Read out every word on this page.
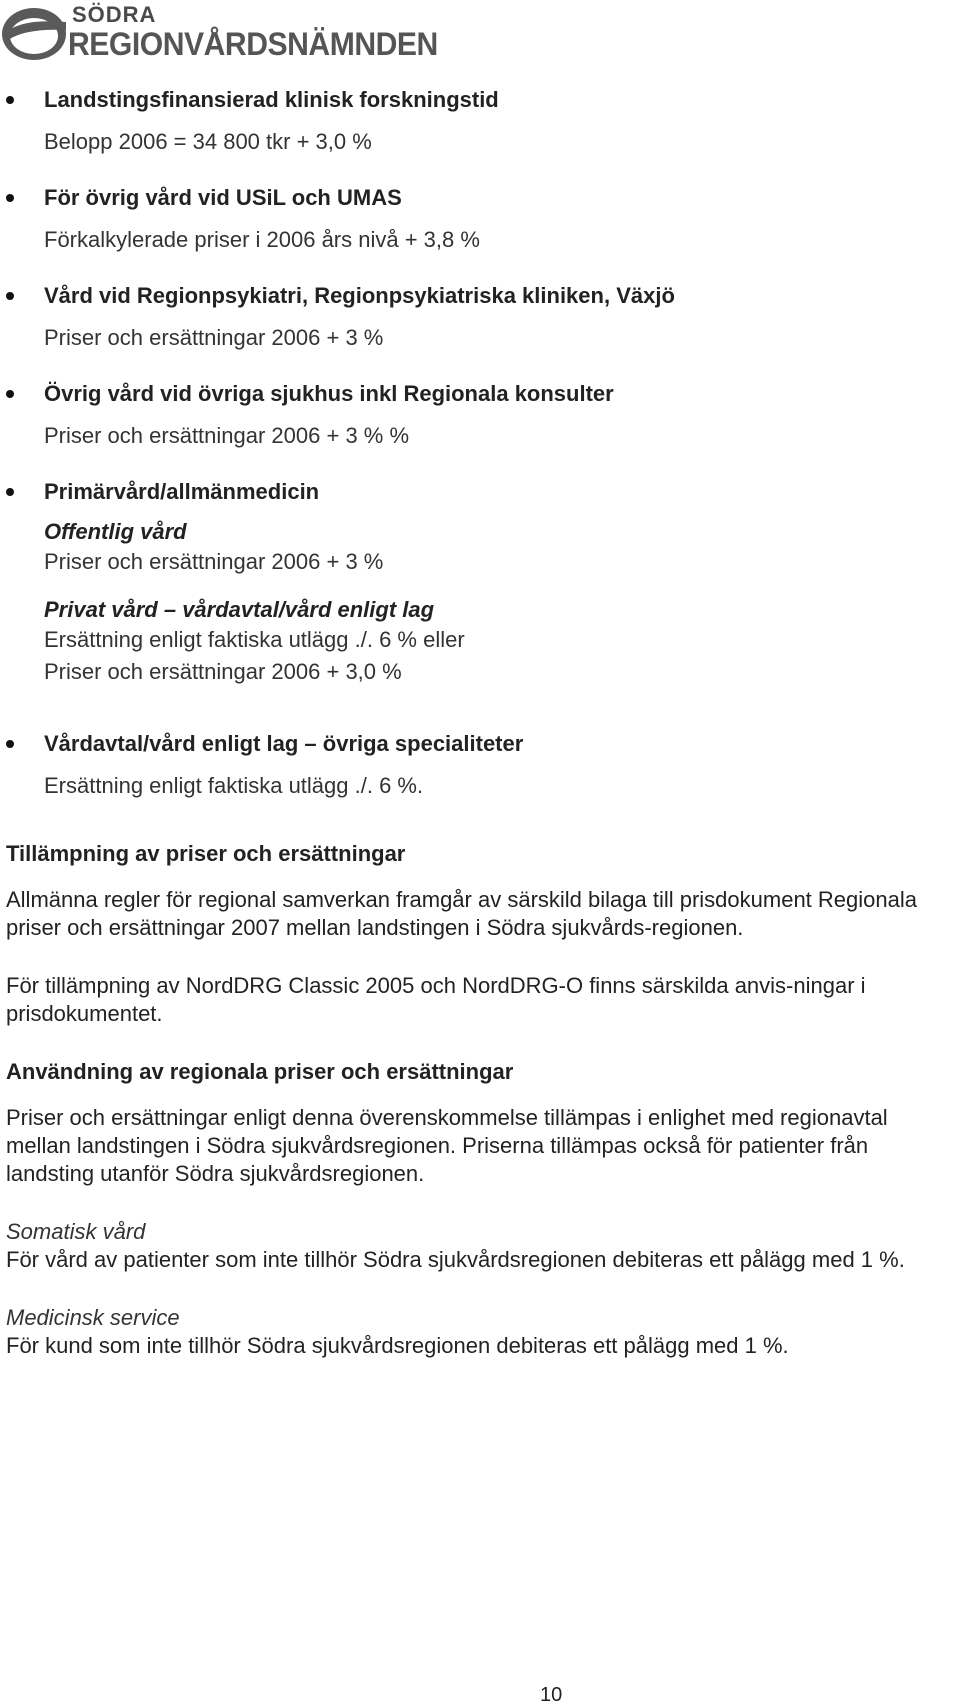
SÖDRA
REGIONVÅRDSNÄMNDEN
Landstingsfinansierad klinisk forskningstid
Belopp 2006 = 34 800 tkr + 3,0 %
För övrig vård vid USiL och UMAS
Förkalkylerade priser i 2006 års nivå + 3,8 %
Vård vid Regionpsykiatri, Regionpsykiatriska kliniken, Växjö
Priser och ersättningar 2006 + 3 %
Övrig vård vid övriga sjukhus inkl Regionala konsulter
Priser och ersättningar 2006 + 3 % %
Primärvård/allmänmedicin
Offentlig vård
Priser och ersättningar 2006 + 3 %
Privat vård – vårdavtal/vård enligt lag
Ersättning enligt faktiska utlägg ./. 6 % eller
Priser och ersättningar 2006 + 3,0 %
Vårdavtal/vård enligt lag – övriga specialiteter
Ersättning enligt faktiska utlägg ./. 6 %.
Tillämpning av priser och ersättningar

Allmänna regler för regional samverkan framgår av särskild bilaga till prisdokument Regionala priser och ersättningar 2007 mellan landstingen i Södra sjukvårds-regionen.

För tillämpning av NordDRG Classic 2005 och NordDRG-O finns särskilda anvis-ningar i prisdokumentet.

Användning av regionala priser och ersättningar

Priser och ersättningar enligt denna överenskommelse tillämpas i enlighet med regionavtal mellan landstingen i Södra sjukvårdsregionen. Priserna tillämpas också för patienter från landsting utanför Södra sjukvårdsregionen.

Somatisk vård

För vård av patienter som inte tillhör Södra sjukvårdsregionen debiteras ett pålägg med 1 %.

Medicinsk service

För kund som inte tillhör Södra sjukvårdsregionen debiteras ett pålägg med 1 %.

10
